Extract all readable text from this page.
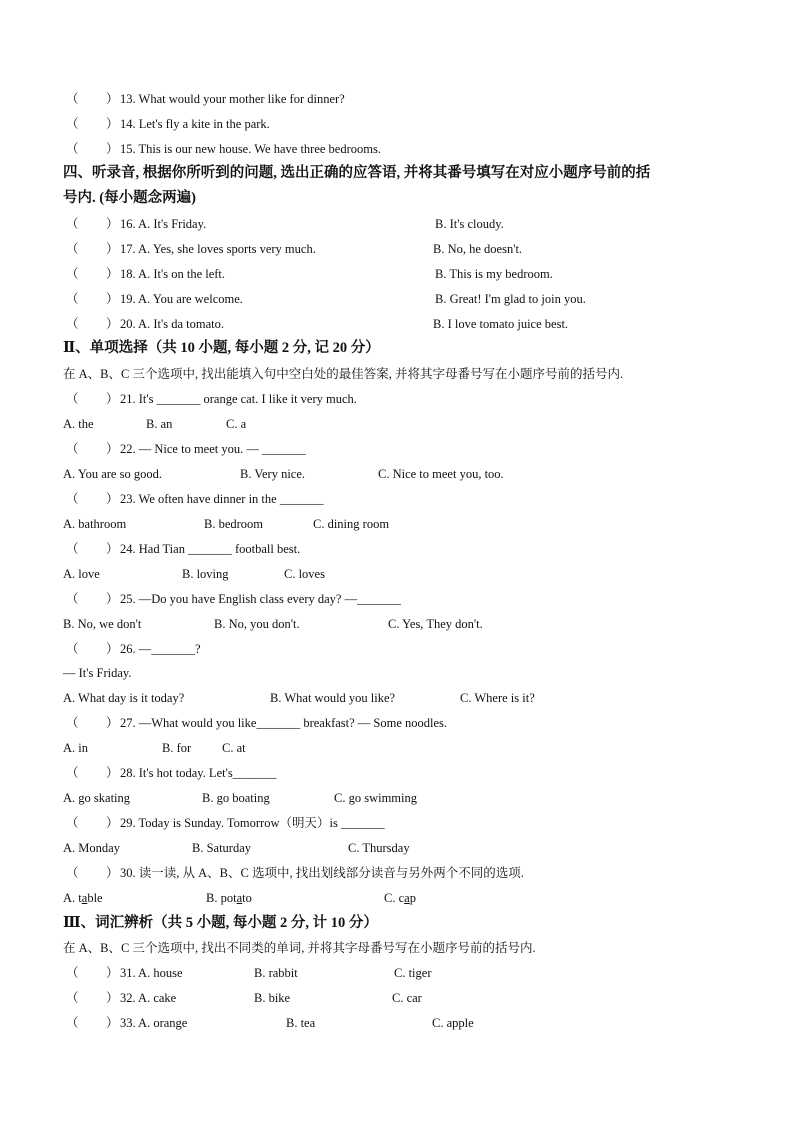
（ ） 13. What would your mother like for dinner?
（ ） 14. Let's fly a kite in the park.
（ ） 15. This is our new house. We have three bedrooms.
四、听录音, 根据你所听到的问题, 选出正确的应答语, 并将其番号填写在对应小题序号前的括
号内. (每小题念两遍)
（ ） 16. A. It's Friday.	B. It's cloudy.
（ ） 17. A. Yes, she loves sports very much.	B. No, he doesn't.
（ ） 18. A. It's on the left.	B. This is my bedroom.
（ ） 19. A. You are welcome.	B. Great! I'm glad to join you.
（ ） 20. A. It's da tomato.	B. I love tomato juice best.
Ⅱ、单项选择（共 10 小题, 每小题 2 分, 记 20 分）
在 A、B、C 三个选项中, 找出能填入句中空白处的最佳答案, 并将其字母番号写在小题序号前的括号内.
（ ） 21. It's _______ orange cat. I like it very much.
A. the	B. an	C. a
（ ） 22. — Nice to meet you. — _______
A. You are so good.	B. Very nice.	C. Nice to meet you, too.
（ ） 23. We often have dinner in the _______
A. bathroom	B. bedroom	C. dining room
（ ） 24. Had Tian _______ football best.
A. love	B. loving	C. loves
（ ） 25. —Do you have English class every day? —_______
B. No, we don't	B. No, you don't.	C. Yes, They don't.
（ ） 26. —_______?
— It's Friday.
A. What day is it today?	B. What would you like?	C. Where is it?
（ ） 27. —What would you like_______ breakfast? — Some noodles.
A. in	B. for C. at
（ ） 28. It's hot today. Let's_______
A. go skating	B. go boating	C. go swimming
（ ） 29. Today is Sunday. Tomorrow（明天）is _______
A. Monday	B. Saturday	C. Thursday
（ ） 30. 读一读, 从 A、B、C 选项中, 找出划线部分读音与另外两个不同的选项.
A. table	B. potato	C. cap
Ⅲ、词汇辨析（共 5 小题, 每小题 2 分, 计 10 分）
在 A、B、C 三个选项中, 找出不同类的单词, 并将其字母番号写在小题序号前的括号内.
（ ） 31. A. house	B. rabbit	C. tiger
（ ） 32. A. cake	B. bike	C. car
（ ） 33. A. orange	B. tea	C. apple
